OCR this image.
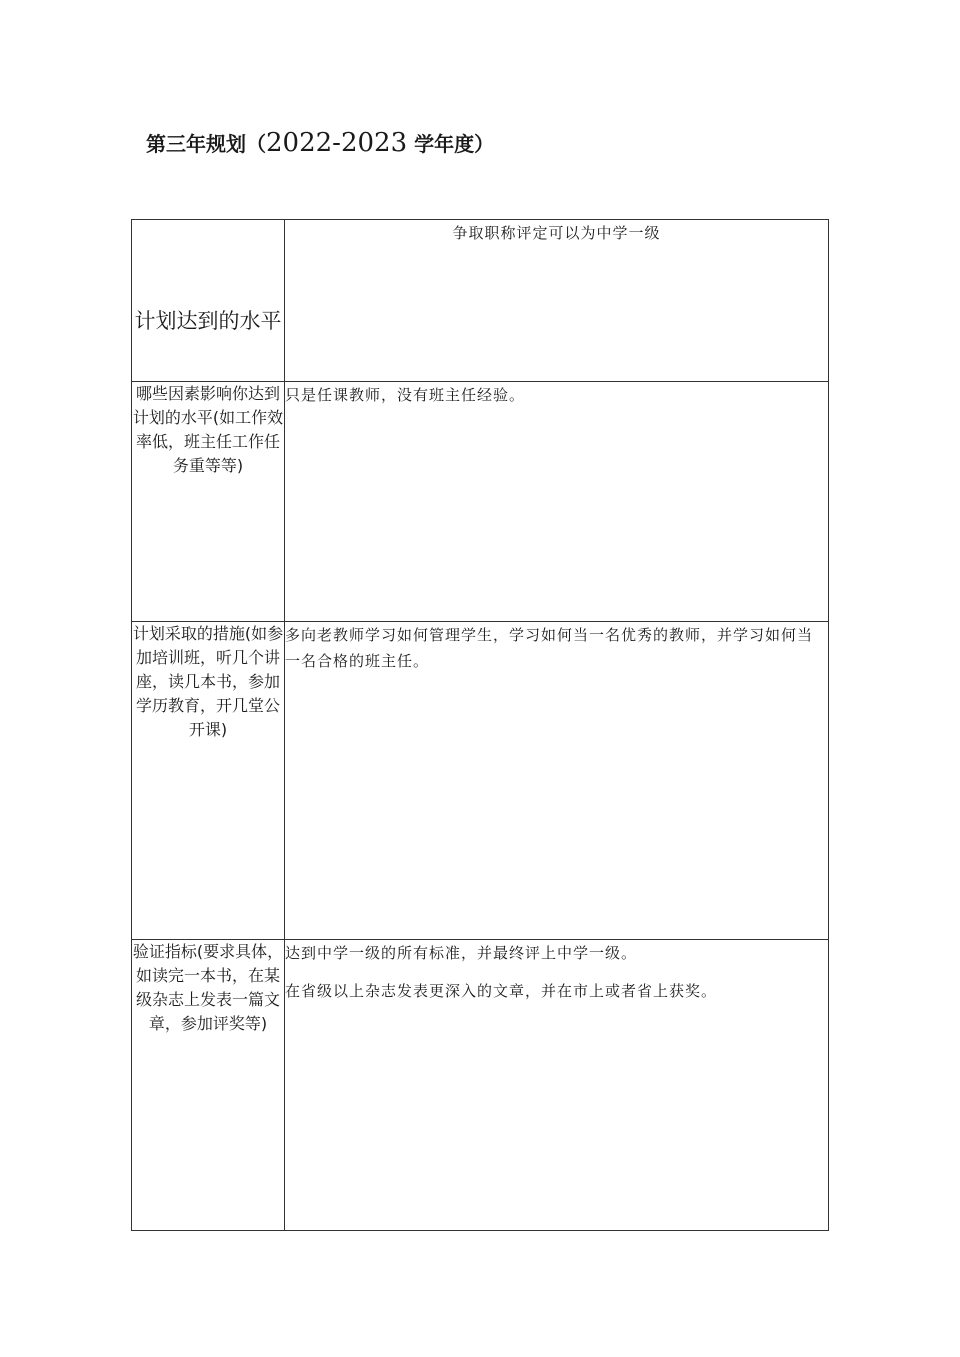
第三年规划（2022-2023 学年度）
计划达到的水平	争取职称评定可以为中学一级

哪些因素影响你达到计划的水平(如工作效率低，班主任工作任务重等等)	只是任课教师，没有班主任经验。

计划采取的措施(如参加培训班，听几个讲座，读几本书，参加学历教育，开几堂公开课)	多向老教师学习如何管理学生，学习如何当一名优秀的教师，并学习如何当一名合格的班主任。

验证指标(要求具体，如读完一本书，在某级杂志上发表一篇文章，参加评奖等)	达到中学一级的所有标准，并最终评上中学一级。

在省级以上杂志发表更深入的文章，并在市上或者省上获奖。
